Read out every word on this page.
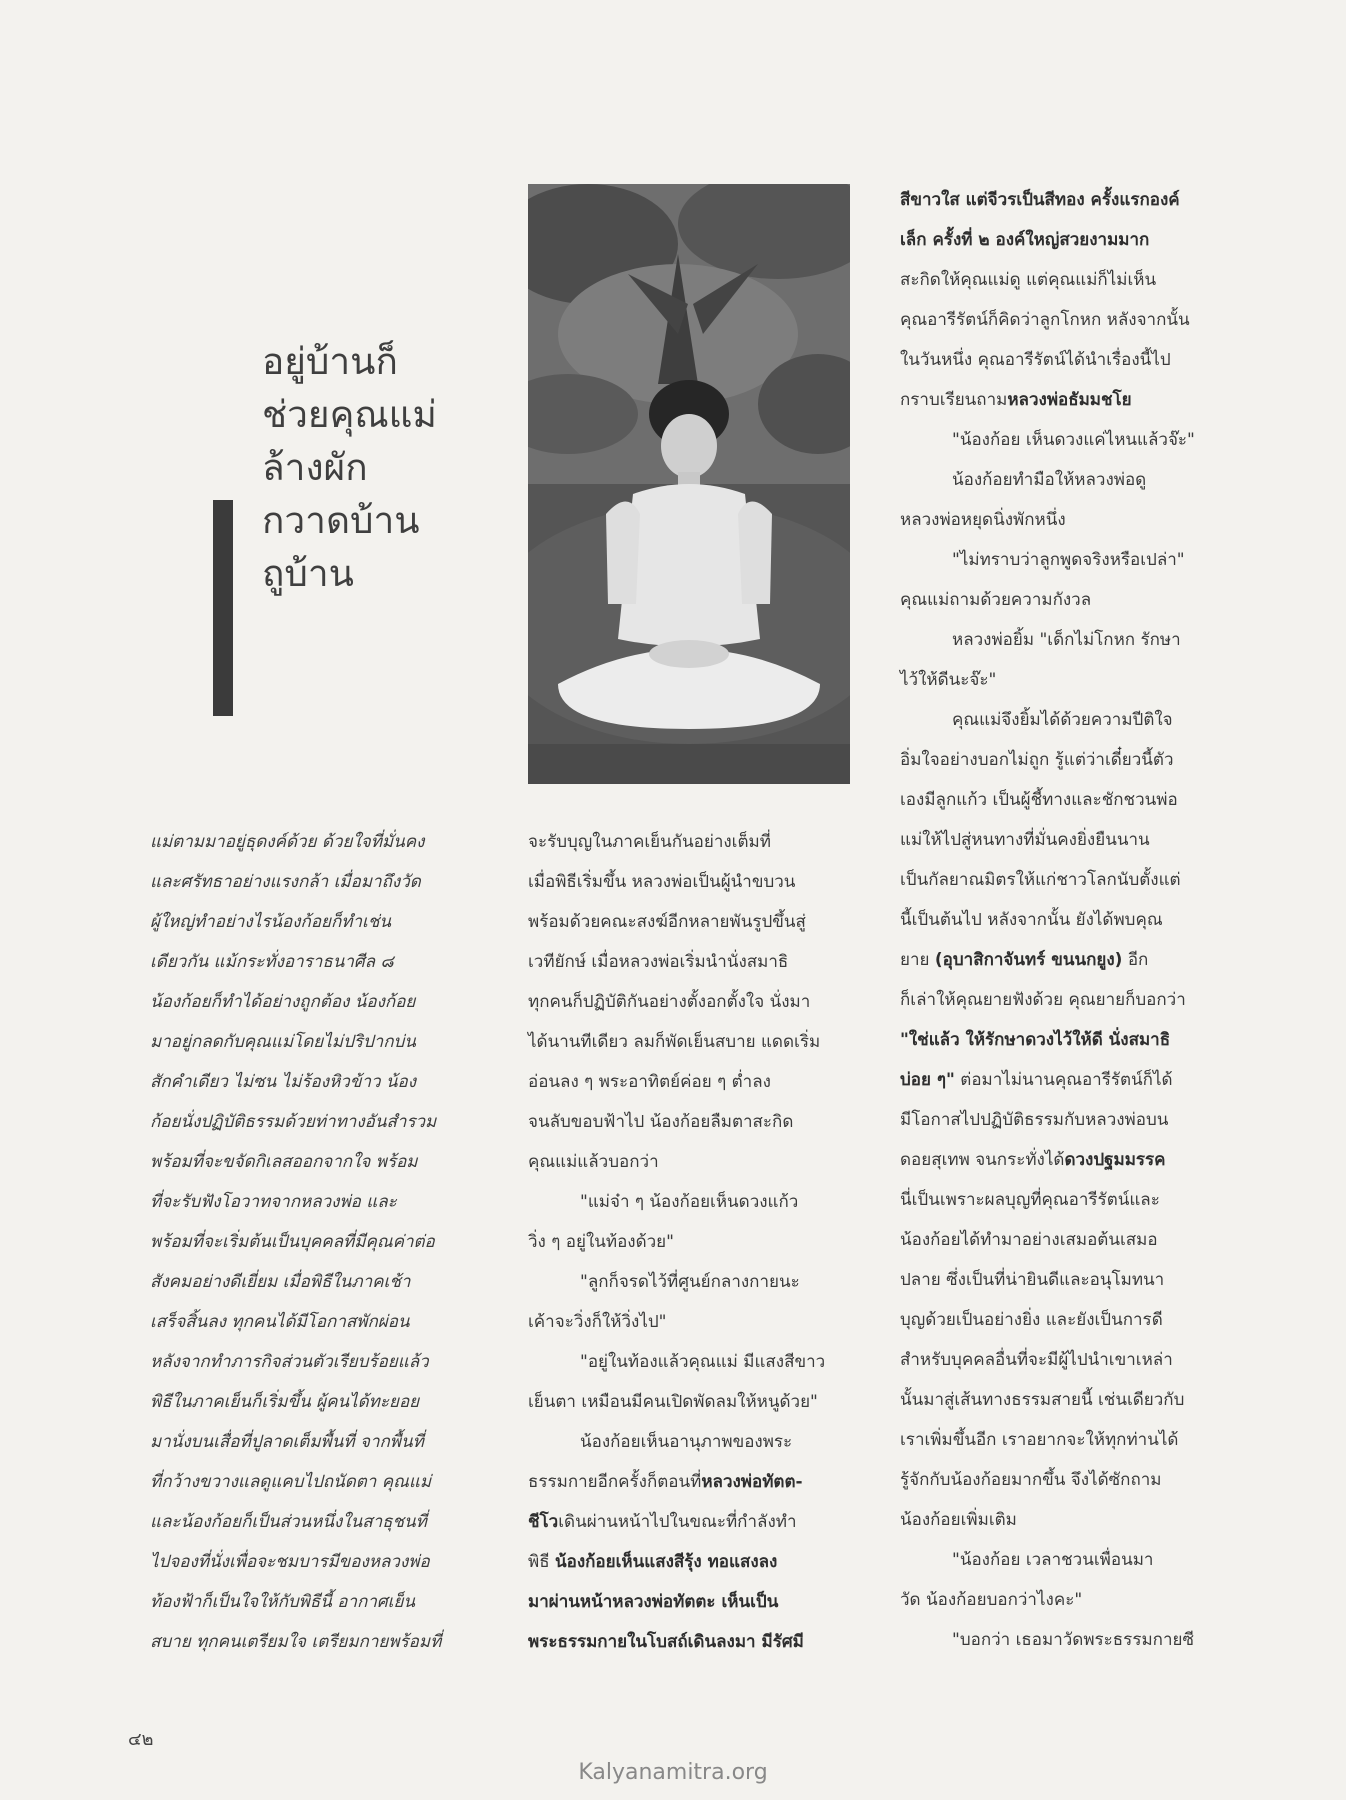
อยู่บ้านก็
ช่วยคุณแม่
ล้างผัก
กวาดบ้าน
ถูบ้าน

แม่ตามมาอยู่ธุดงค์ด้วย ด้วยใจที่มั่นคง

และศรัทธาอย่างแรงกล้า เมื่อมาถึงวัด

ผู้ใหญ่ทำอย่างไรน้องก้อยก็ทำเช่น

เดียวกัน แม้กระทั่งอาราธนาศีล ๘

น้องก้อยก็ทำได้อย่างถูกต้อง น้องก้อย

มาอยู่กลดกับคุณแม่โดยไม่ปริปากบ่น

สักคำเดียว ไม่ซน ไม่ร้องหิวข้าว น้อง

ก้อยนั่งปฏิบัติธรรมด้วยท่าทางอันสำรวม

พร้อมที่จะขจัดกิเลสออกจากใจ พร้อม

ที่จะรับฟังโอวาทจากหลวงพ่อ และ

พร้อมที่จะเริ่มต้นเป็นบุคคลที่มีคุณค่าต่อ

สังคมอย่างดีเยี่ยม เมื่อพิธีในภาคเช้า

เสร็จสิ้นลง ทุกคนได้มีโอกาสพักผ่อน

หลังจากทำภารกิจส่วนตัวเรียบร้อยแล้ว

พิธีในภาคเย็นก็เริ่มขึ้น ผู้คนได้ทะยอย

มานั่งบนเสื่อที่ปูลาดเต็มพื้นที่ จากพื้นที่

ที่กว้างขวางแลดูแคบไปถนัดตา คุณแม่

และน้องก้อยก็เป็นส่วนหนึ่งในสาธุชนที่

ไปจองที่นั่งเพื่อจะชมบารมีของหลวงพ่อ

ท้องฟ้าก็เป็นใจให้กับพิธีนี้ อากาศเย็น

สบาย ทุกคนเตรียมใจ เตรียมกายพร้อมที่

จะรับบุญในภาคเย็นกันอย่างเต็มที่

เมื่อพิธีเริ่มขึ้น หลวงพ่อเป็นผู้นำขบวน

พร้อมด้วยคณะสงฆ์อีกหลายพันรูปขึ้นสู่

เวทียักษ์ เมื่อหลวงพ่อเริ่มนำนั่งสมาธิ

ทุกคนก็ปฏิบัติกันอย่างตั้งอกตั้งใจ นั่งมา

ได้นานทีเดียว ลมก็พัดเย็นสบาย แดดเริ่ม

อ่อนลง ๆ พระอาทิตย์ค่อย ๆ ต่ำลง

จนลับขอบฟ้าไป น้องก้อยลืมตาสะกิด

คุณแม่แล้วบอกว่า

"แม่จ๋า ๆ น้องก้อยเห็นดวงแก้ว

วิ่ง ๆ อยู่ในท้องด้วย"

"ลูกก็จรดไว้ที่ศูนย์กลางกายนะ

เค้าจะวิ่งก็ให้วิ่งไป"

"อยู่ในท้องแล้วคุณแม่ มีแสงสีขาว

เย็นตา เหมือนมีคนเปิดพัดลมให้หนูด้วย"

น้องก้อยเห็นอานุภาพของพระ

ธรรมกายอีกครั้งก็ตอนที่หลวงพ่อทัตต-

ชีโวเดินผ่านหน้าไปในขณะที่กำลังทำ

พิธี น้องก้อยเห็นแสงสีรุ้ง ทอแสงลง

มาผ่านหน้าหลวงพ่อทัตตะ เห็นเป็น

พระธรรมกายในโบสถ์เดินลงมา มีรัศมี

สีขาวใส แต่จีวรเป็นสีทอง ครั้งแรกองค์

เล็ก ครั้งที่ ๒ องค์ใหญ่สวยงามมาก

สะกิดให้คุณแม่ดู แต่คุณแม่ก็ไม่เห็น

คุณอารีรัตน์ก็คิดว่าลูกโกหก หลังจากนั้น

ในวันหนึ่ง คุณอารีรัตน์ได้นำเรื่องนี้ไป

กราบเรียนถามหลวงพ่อธัมมชโย

"น้องก้อย เห็นดวงแค่ไหนแล้วจ๊ะ"

น้องก้อยทำมือให้หลวงพ่อดู

หลวงพ่อหยุดนิ่งพักหนึ่ง

"ไม่ทราบว่าลูกพูดจริงหรือเปล่า"

คุณแม่ถามด้วยความกังวล

หลวงพ่อยิ้ม "เด็กไม่โกหก รักษา

ไว้ให้ดีนะจ๊ะ"

คุณแม่จึงยิ้มได้ด้วยความปีติใจ

อิ่มใจอย่างบอกไม่ถูก รู้แต่ว่าเดี๋ยวนี้ตัว

เองมีลูกแก้ว เป็นผู้ชี้ทางและชักชวนพ่อ

แม่ให้ไปสู่หนทางที่มั่นคงยิ่งยืนนาน

เป็นกัลยาณมิตรให้แก่ชาวโลกนับตั้งแต่

นี้เป็นต้นไป หลังจากนั้น ยังได้พบคุณ

ยาย (อุบาสิกาจันทร์ ขนนกยูง) อีก

ก็เล่าให้คุณยายฟังด้วย คุณยายก็บอกว่า

"ใช่แล้ว ให้รักษาดวงไว้ให้ดี นั่งสมาธิ

บ่อย ๆ" ต่อมาไม่นานคุณอารีรัตน์ก็ได้

มีโอกาสไปปฏิบัติธรรมกับหลวงพ่อบน

ดอยสุเทพ จนกระทั่งได้ดวงปฐมมรรค

นี่เป็นเพราะผลบุญที่คุณอารีรัตน์และ

น้องก้อยได้ทำมาอย่างเสมอต้นเสมอ

ปลาย ซึ่งเป็นที่น่ายินดีและอนุโมทนา

บุญด้วยเป็นอย่างยิ่ง และยังเป็นการดี

สำหรับบุคคลอื่นที่จะมีผู้ไปนำเขาเหล่า

นั้นมาสู่เส้นทางธรรมสายนี้ เช่นเดียวกับ

เราเพิ่มขึ้นอีก เราอยากจะให้ทุกท่านได้

รู้จักกับน้องก้อยมากขึ้น จึงได้ซักถาม

น้องก้อยเพิ่มเติม

"น้องก้อย เวลาชวนเพื่อนมา

วัด น้องก้อยบอกว่าไงคะ"

"บอกว่า เธอมาวัดพระธรรมกายซี

๔๒
Kalyanamitra.org
